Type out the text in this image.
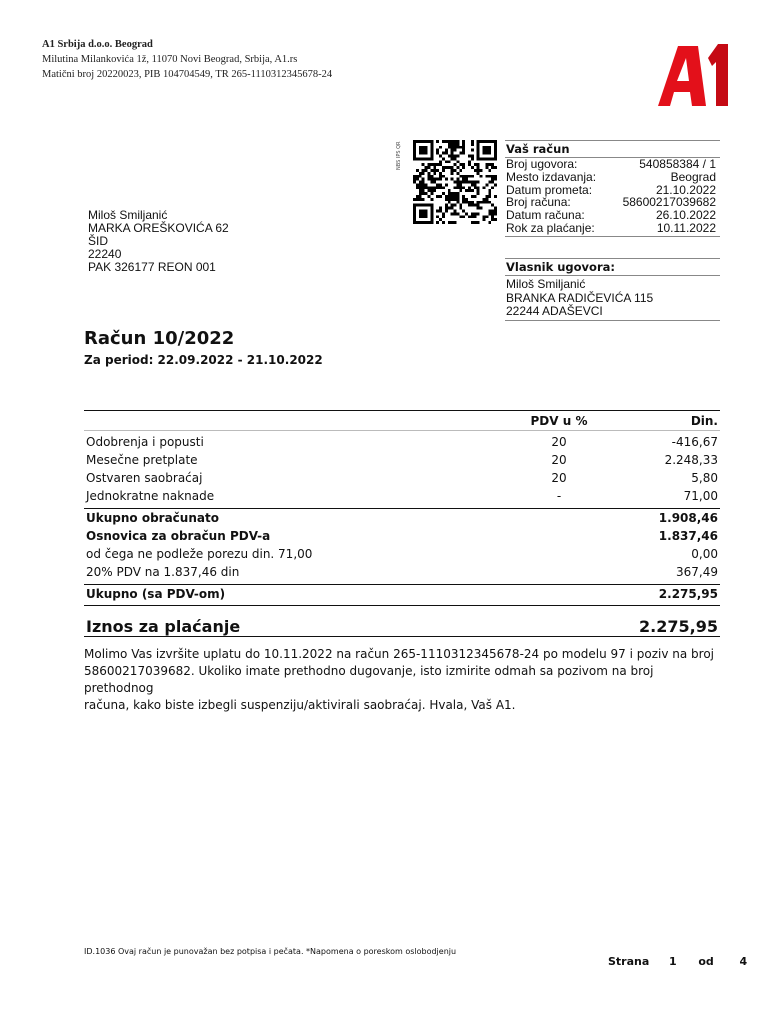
A1 Srbija d.o.o. Beograd
Milutina Milankovića 1ž, 11070 Novi Beograd, Srbija, A1.rs
Matični broj 20220023, PIB 104704549, TR 265-1110312345678-24
NBS IPS QR
Miloš Smiljanić
MARKA OREŠKOVIĆA 62
ŠID
22240
PAK 326177 REON 001
Vaš račun
Broj ugovora:	540858384 / 1
Mesto izdavanja:	Beograd
Datum prometa:	21.10.2022
Broj računa:	58600217039682
Datum računa:	26.10.2022
Rok za plaćanje:	10.11.2022
Vlasnik ugovora:
Miloš Smiljanić
BRANKA RADIČEVIĆA 115
22244 ADAŠEVCI
Račun 10/2022
Za period: 22.09.2022 - 21.10.2022
PDV u %	Din.
Odobrenja i popusti	20	-416,67
Mesečne pretplate	20	2.248,33
Ostvaren saobraćaj	20	5,80
Jednokratne naknade	-	71,00
Ukupno obračunato	1.908,46
Osnovica za obračun PDV-a	1.837,46
od čega ne podleže porezu din. 71,00	0,00
20% PDV na 1.837,46 din	367,49
Ukupno (sa PDV-om)	2.275,95
Iznos za plaćanje	2.275,95
Molimo Vas izvršite uplatu do 10.11.2022 na račun 265-1110312345678-24 po modelu 97 i poziv na broj
58600217039682. Ukoliko imate prethodno dugovanje, isto izmirite odmah sa pozivom na broj prethodnog
računa, kako biste izbegli suspenziju/aktivirali saobraćaj. Hvala, Vaš A1.
ID.1036 Ovaj račun je punovažan bez potpisa i pečata. *Napomena o poreskom oslobodjenju
Strana 1 od 4
